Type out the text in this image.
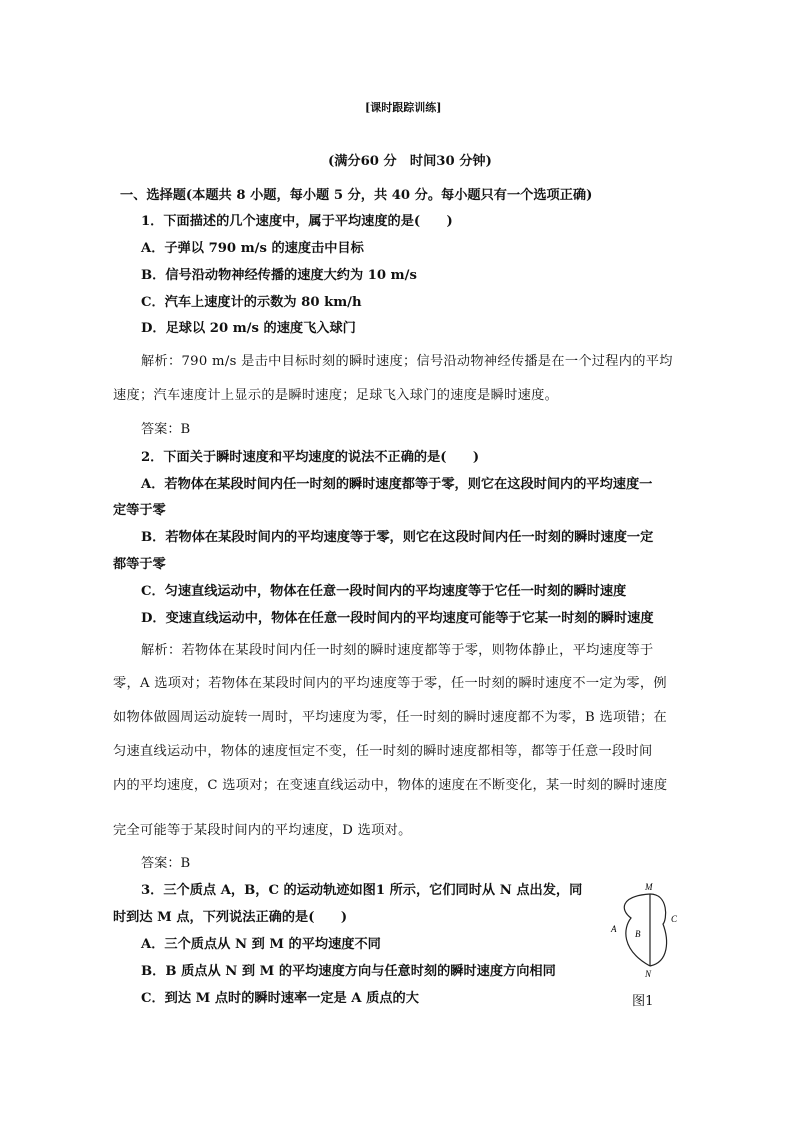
[课时跟踪训练]
(满分60 分　时间30 分钟)
一、选择题(本题共 8 小题，每小题 5 分，共 40 分。每小题只有一个选项正确)
1．下面描述的几个速度中，属于平均速度的是(　　)
A．子弹以 790 m/s 的速度击中目标
B．信号沿动物神经传播的速度大约为 10 m/s
C．汽车上速度计的示数为 80 km/h
D．足球以 20 m/s 的速度飞入球门
解析：790 m/s 是击中目标时刻的瞬时速度；信号沿动物神经传播是在一个过程内的平均
速度；汽车速度计上显示的是瞬时速度；足球飞入球门的速度是瞬时速度。
答案：B
2．下面关于瞬时速度和平均速度的说法不正确的是(　　)
A．若物体在某段时间内任一时刻的瞬时速度都等于零，则它在这段时间内的平均速度一
定等于零
B．若物体在某段时间内的平均速度等于零，则它在这段时间内任一时刻的瞬时速度一定
都等于零
C．匀速直线运动中，物体在任意一段时间内的平均速度等于它任一时刻的瞬时速度
D．变速直线运动中，物体在任意一段时间内的平均速度可能等于它某一时刻的瞬时速度
解析：若物体在某段时间内任一时刻的瞬时速度都等于零，则物体静止，平均速度等于
零，A 选项对；若物体在某段时间内的平均速度等于零，任一时刻的瞬时速度不一定为零，例
如物体做圆周运动旋转一周时，平均速度为零，任一时刻的瞬时速度都不为零，B 选项错；在
匀速直线运动中，物体的速度恒定不变，任一时刻的瞬时速度都相等，都等于任意一段时间
内的平均速度，C 选项对；在变速直线运动中，物体的速度在不断变化，某一时刻的瞬时速度
完全可能等于某段时间内的平均速度，D 选项对。
答案：B
3．三个质点 A，B，C 的运动轨迹如图1 所示，它们同时从 N 点出发，同
时到达 M 点，下列说法正确的是(　　)
A．三个质点从 N 到 M 的平均速度不同
B．B 质点从 N 到 M 的平均速度方向与任意时刻的瞬时速度方向相同
C．到达 M 点时的瞬时速率一定是 A 质点的大
M
N
A B
C
图1
